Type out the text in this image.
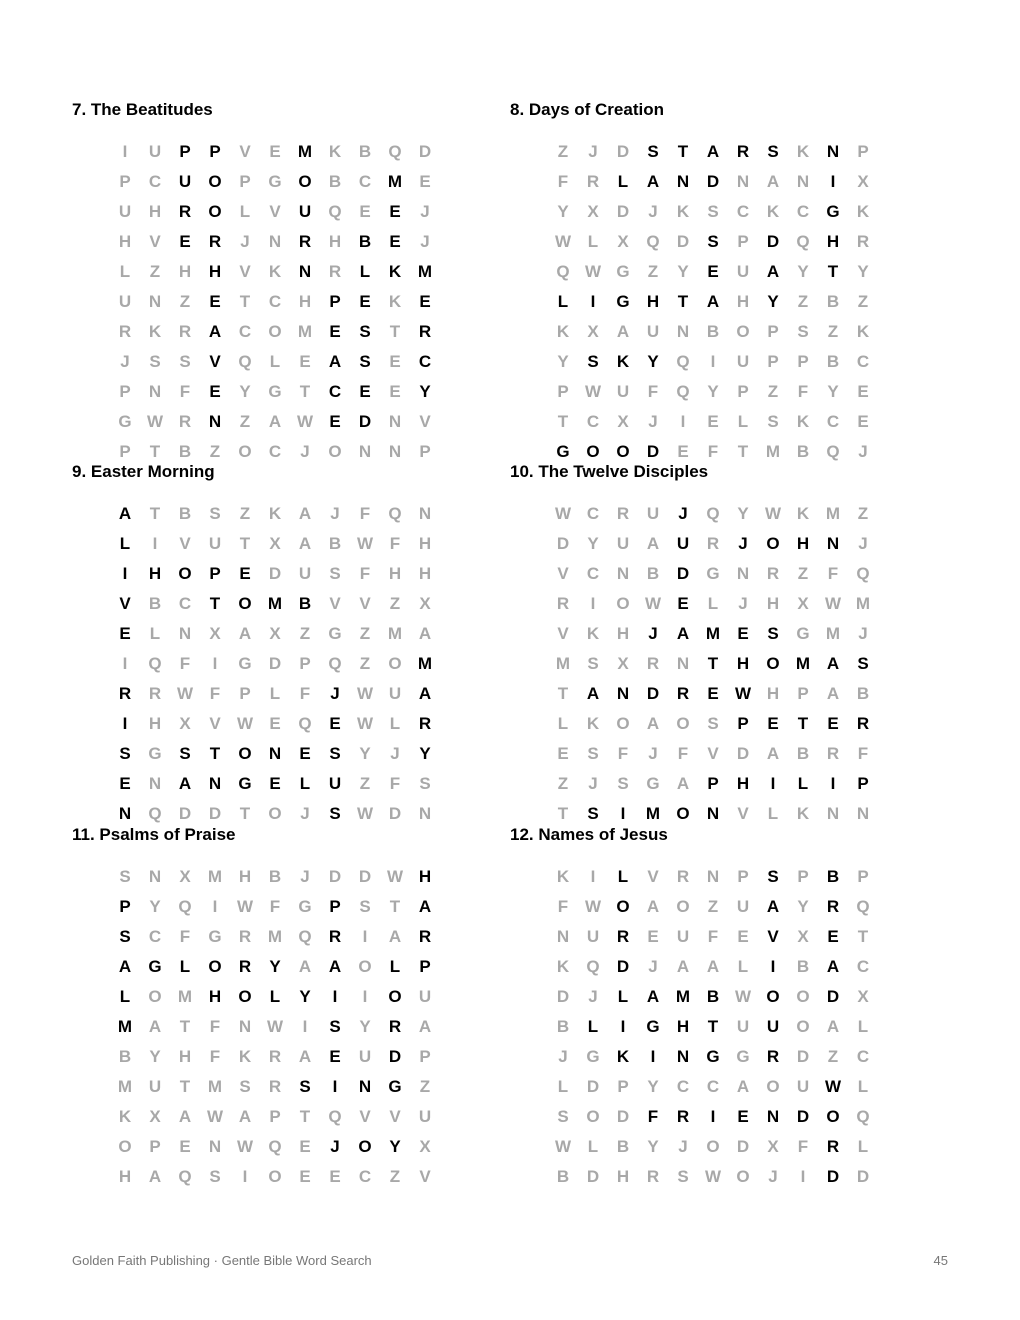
7. The Beatitudes
I	U	P	P	V	E	M K	B	Q	D
P	C	U	O	P	G O	B	C M	E
U	H	R	O	L	V	U	Q	E	E	J
H	V	E	R	J	N	R	H	B	E	J
L	Z	H	H	V	K	N	R	L	K M
U	N	Z	E	T	C	H	P	E	K	E
R	K	R	A	C	O M	E	S	T	R
J	S	S	V	Q	L	E	A	S	E	C
P	N	F	E	Y	G	T	C	E	E	Y
G W R	N	Z	A W E	D	N	V
P	T	B	Z	O	C	J	O	N	N	P
8. Days of Creation
Z	J	D	S	T	A	R	S	K	N	P
F	R	L	A	N	D	N	A	N	I	X
Y	X	D	J	K	S	C	K	C	G	K
W L	X	Q	D	S	P	D	Q	H	R
Q W G	Z	Y	E	U	A	Y	T	Y
L	I	G	H	T	A	H	Y	Z	B	Z
K	X	A	U	N	B	O	P	S	Z	K
Y	S	K	Y	Q	I	U	P	P	B	C
P W U	F	Q	Y	P	Z	F	Y	E
T	C	X	J	I	E	L	S	K	C	E
G O O	D	E	F	T	M B	Q	J
9. Easter Morning
A	T	B	S	Z	K	A	J	F	Q	N
L	I	V	U	T	X	A	B W F	H
I	H	O	P	E	D	U	S	F	H	H
V	B	C	T	O M B	V	V	Z	X
E	L	N	X	A	X	Z	G	Z	M A
I	Q	F	I	G	D	P	Q	Z	O M
R	R W F	P	L	F	J	W U	A
I	H	X	V W E	Q	E W L	R
S	G	S	T	O	N	E	S	Y	J	Y
E	N	A	N	G	E	L	U	Z	F	S
N	Q	D	D	T	O	J	S W D	N
10. The Twelve Disciples
W C	R	U	J	Q	Y W K M	Z
D	Y	U	A	U	R	J	O	H	N	J
V	C	N	B	D	G	N	R	Z	F	Q
R	I	O W E	L	J	H	X W M
V	K	H	J	A M	E	S	G M	J
M	S	X	R	N	T	H	O M A	S
T	A	N	D	R	E W H	P	A	B
L	K	O	A	O	S	P	E	T	E	R
E	S	F	J	F	V	D	A	B	R	F
Z	J	S	G	A	P	H	I	L	I	P
T	S	I	M O	N	V	L	K	N	N
11. Psalms of Praise
S	N	X	M H	B	J	D	D W H
P	Y	Q	I	W F	G	P	S	T	A
S	C	F	G	R M Q	R	I	A	R
A	G	L	O	R	Y	A	A	O	L	P
L	O M H	O	L	Y	I	I	O	U
M A	T	F	N W	I	S	Y	R	A
B	Y	H	F	K	R	A	E	U	D	P
M U	T	M	S	R	S	I	N	G	Z
K	X	A W A	P	T	Q	V	V	U
O	P	E	N W Q	E	J	O	Y	X
H	A	Q	S	I	O	E	E	C	Z	V
12. Names of Jesus
K	I	L	V	R	N	P	S	P	B	P
F W O	A	O	Z	U	A	Y	R	Q
N	U	R	E	U	F	E	V	X	E	T
K	Q	D	J	A	A	L	I	B	A	C
D	J	L	A M B W O O	D	X
B	L	I	G	H	T	U	U	O	A	L
J	G	K	I	N	G G	R	D	Z	C
L	D	P	Y	C	C	A	O	U W L
S	O	D	F	R	I	E	N	D	O Q
W L	B	Y	J	O	D	X	F	R	L
B	D	H	R	S W O	J	I	D	D
Golden Faith Publishing · Gentle Bible Word Search	45
